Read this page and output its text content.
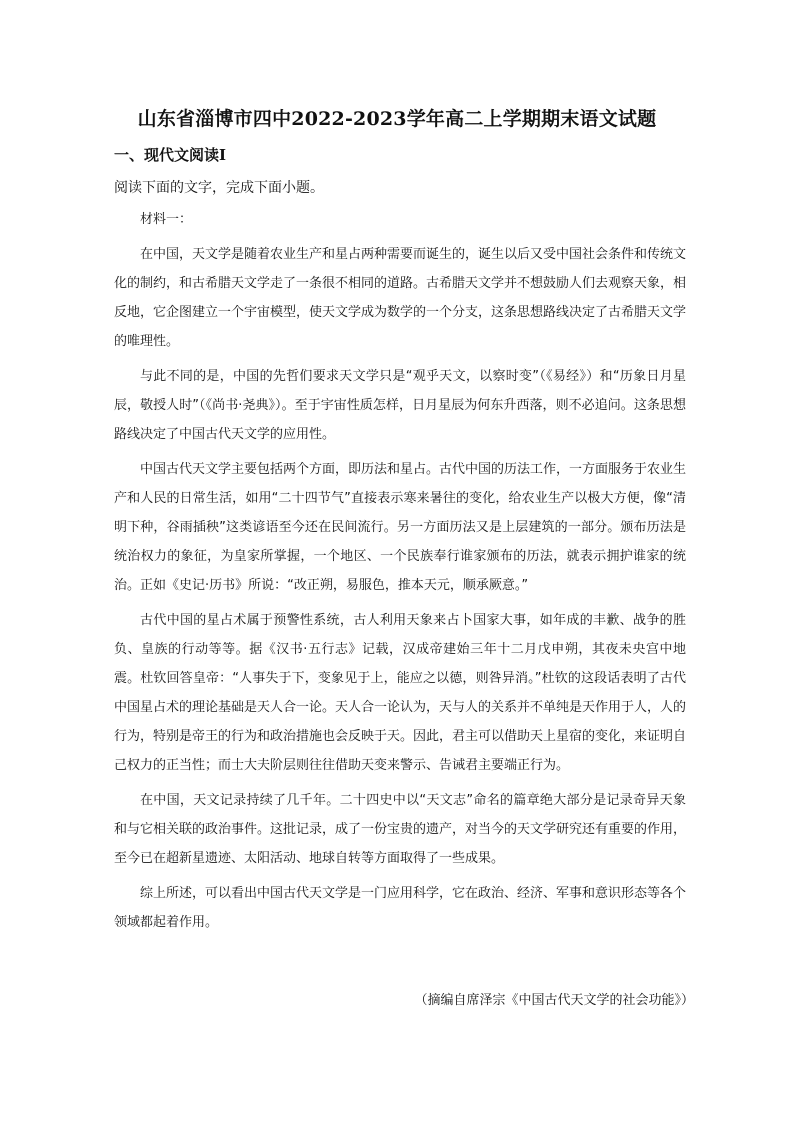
山东省淄博市四中2022-2023学年高二上学期期末语文试题
一、现代文阅读I

阅读下面的文字，完成下面小题。

材料一：

在中国，天文学是随着农业生产和星占两种需要而诞生的，诞生以后又受中国社会条件和传统文化的制约，和古希腊天文学走了一条很不相同的道路。古希腊天文学并不想鼓励人们去观察天象，相反地，它企图建立一个宇宙模型，使天文学成为数学的一个分支，这条思想路线决定了古希腊天文学的唯理性。

与此不同的是，中国的先哲们要求天文学只是“观乎天文，以察时变”（《易经》）和“历象日月星辰，敬授人时”（《尚书·尧典》）。至于宇宙性质怎样，日月星辰为何东升西落，则不必追问。这条思想路线决定了中国古代天文学的应用性。

中国古代天文学主要包括两个方面，即历法和星占。古代中国的历法工作，一方面服务于农业生产和人民的日常生活，如用“二十四节气”直接表示寒来暑往的变化，给农业生产以极大方便，像“清明下种，谷雨插秧”这类谚语至今还在民间流行。另一方面历法又是上层建筑的一部分。颁布历法是统治权力的象征，为皇家所掌握，一个地区、一个民族奉行谁家颁布的历法，就表示拥护谁家的统治。正如《史记·历书》所说：“改正朔，易服色，推本天元，顺承厥意。”

古代中国的星占术属于预警性系统，古人利用天象来占卜国家大事，如年成的丰歉、战争的胜负、皇族的行动等等。据《汉书·五行志》记载，汉成帝建始三年十二月戊申朔，其夜未央宫中地震。杜钦回答皇帝：“人事失于下，变象见于上，能应之以德，则咎异消。”杜钦的这段话表明了古代中国星占术的理论基础是天人合一论。天人合一论认为，天与人的关系并不单纯是天作用于人，人的行为，特别是帝王的行为和政治措施也会反映于天。因此，君主可以借助天上星宿的变化，来证明自己权力的正当性；而士大夫阶层则往往借助天变来警示、告诫君主要端正行为。

在中国，天文记录持续了几千年。二十四史中以“天文志”命名的篇章绝大部分是记录奇异天象和与它相关联的政治事件。这批记录，成了一份宝贵的遗产，对当今的天文学研究还有重要的作用，至今已在超新星遗迹、太阳活动、地球自转等方面取得了一些成果。

综上所述，可以看出中国古代天文学是一门应用科学，它在政治、经济、军事和意识形态等各个领域都起着作用。

（摘编自席泽宗《中国古代天文学的社会功能》）
